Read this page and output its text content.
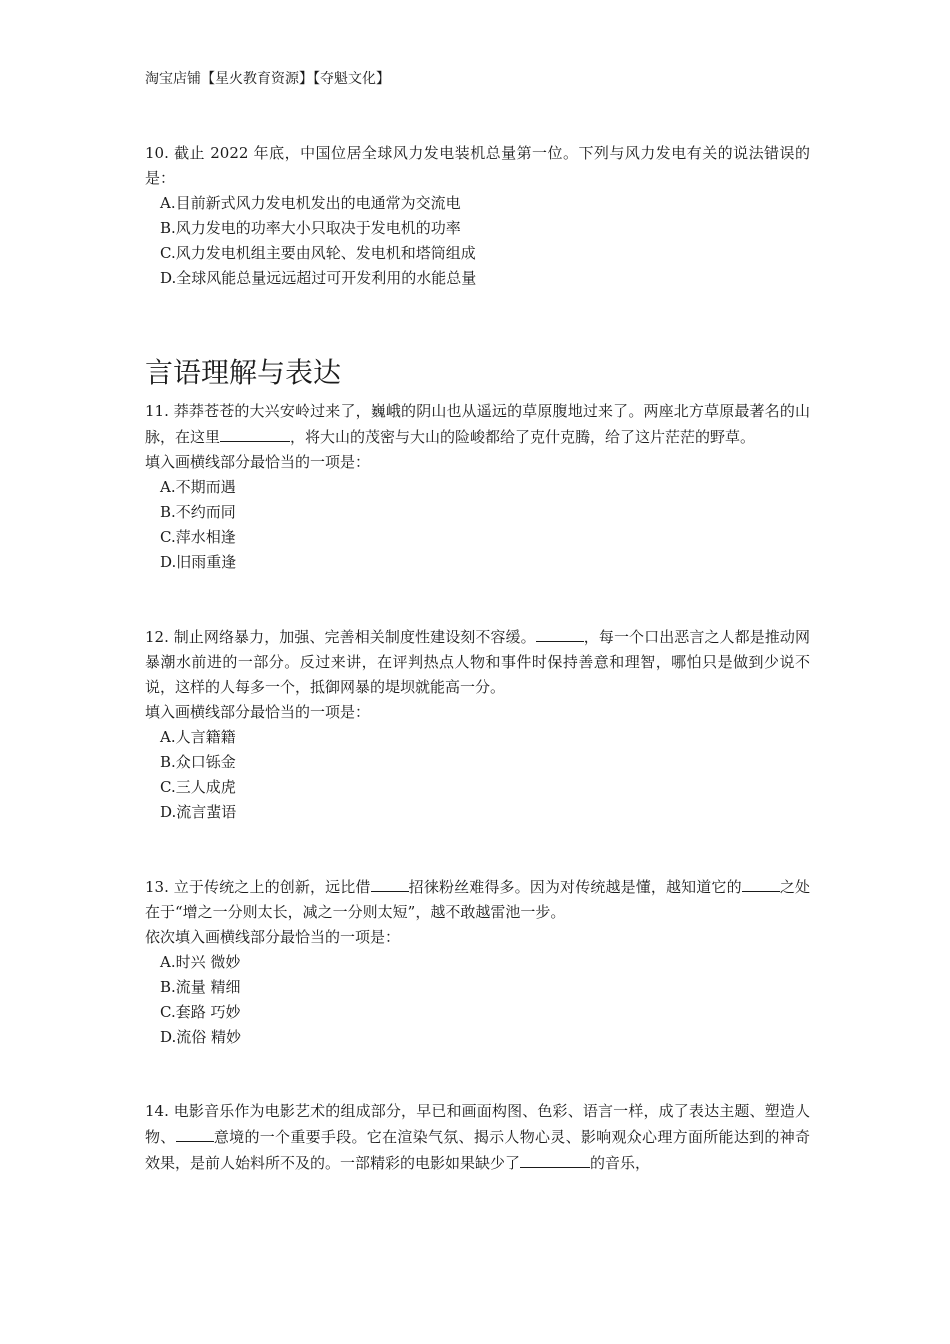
淘宝店铺【星火教育资源】【夺魁文化】

10. 截止 2022 年底，中国位居全球风力发电装机总量第一位。下列与风力发电有关的说法错误的是：

A.目前新式风力发电机发出的电通常为交流电
B.风力发电的功率大小只取决于发电机的功率
C.风力发电机组主要由风轮、发电机和塔筒组成
D.全球风能总量远远超过可开发利用的水能总量
言语理解与表达

11. 莽莽苍苍的大兴安岭过来了，巍峨的阴山也从遥远的草原腹地过来了。两座北方草原最著名的山脉，在这里	，将大山的茂密与大山的险峻都给了克什克腾，给了这片茫茫的野草。

填入画横线部分最恰当的一项是：

A.不期而遇
B.不约而同
C.萍水相逢
D.旧雨重逢

12. 制止网络暴力，加强、完善相关制度性建设刻不容缓。	，每一个口出恶言之人都是推动网暴潮水前进的一部分。反过来讲，在评判热点人物和事件时保持善意和理智，哪怕只是做到少说不说，这样的人每多一个，抵御网暴的堤坝就能高一分。

填入画横线部分最恰当的一项是：

A.人言籍籍
B.众口铄金
C.三人成虎
D.流言蜚语

13. 立于传统之上的创新，远比借	招徕粉丝难得多。因为对传统越是懂，越知道它的	之处在于“增之一分则太长，减之一分则太短”，越不敢越雷池一步。

依次填入画横线部分最恰当的一项是：

A.时兴 微妙
B.流量 精细
C.套路 巧妙
D.流俗 精妙

14. 电影音乐作为电影艺术的组成部分，早已和画面构图、色彩、语言一样，成了表达主题、塑造人物、	意境的一个重要手段。它在渲染气氛、揭示人物心灵、影响观众心理方面所能达到的神奇效果，是前人始料所不及的。一部精彩的电影如果缺少了	的音乐，
